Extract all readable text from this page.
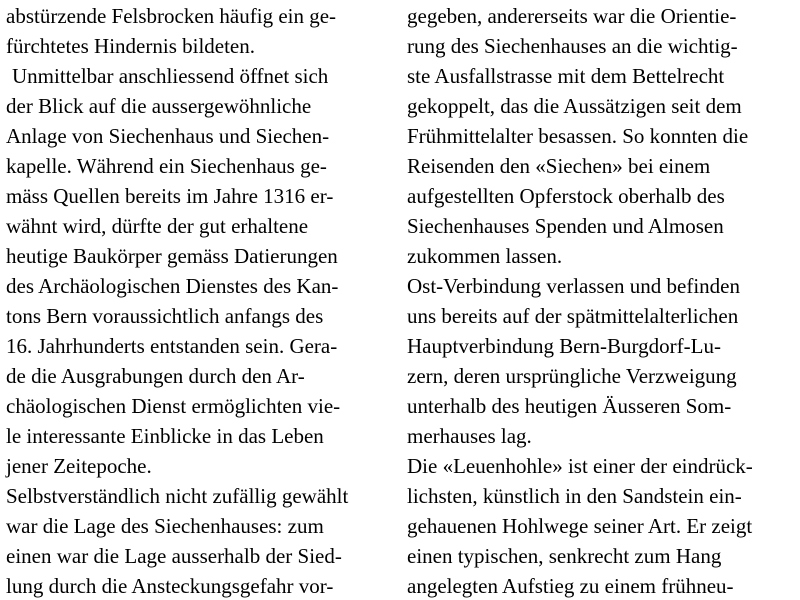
abstürzende Felsbrocken häufig ein ge-
fürchtetes Hindernis bildeten.
Unmittelbar anschliessend öffnet sich
der Blick auf die aussergewöhnliche
Anlage von Siechenhaus und Siechen-
kapelle. Während ein Siechenhaus ge-
mäss Quellen bereits im Jahre 1316 er-
wähnt wird, dürfte der gut erhaltene
heutige Baukörper gemäss Datierungen
des Archäologischen Dienstes des Kan-
tons Bern voraussichtlich anfangs des
16. Jahrhunderts entstanden sein. Gera-
de die Ausgrabungen durch den Ar-
chäologischen Dienst ermöglichten vie-
le interessante Einblicke in das Leben
jener Zeitepoche.
Selbstverständlich nicht zufällig gewählt
war die Lage des Siechenhauses: zum
einen war die Lage ausserhalb der Sied-
lung durch die Ansteckungsgefahr vor-
gegeben, andererseits war die Orientie-
rung des Siechenhauses an die wichtig-
ste Ausfallstrasse mit dem Bettelrecht
gekoppelt, das die Aussätzigen seit dem
Frühmittelalter besassen. So konnten die
Reisenden den «Siechen» bei einem
aufgestellten Opferstock oberhalb des
Siechenhauses Spenden und Almosen
zukommen lassen.
Ost-Verbindung verlassen und befinden
uns bereits auf der spätmittelalterlichen
Hauptverbindung Bern-Burgdorf-Lu-
zern, deren ursprüngliche Verzweigung
unterhalb des heutigen Äusseren Som-
merhauses lag.
Die «Leuenhohle» ist einer der eindrück-
lichsten, künstlich in den Sandstein ein-
gehauenen Hohlwege seiner Art. Er zeigt
einen typischen, senkrecht zum Hang
angelegten Aufstieg zu einem frühneu-
